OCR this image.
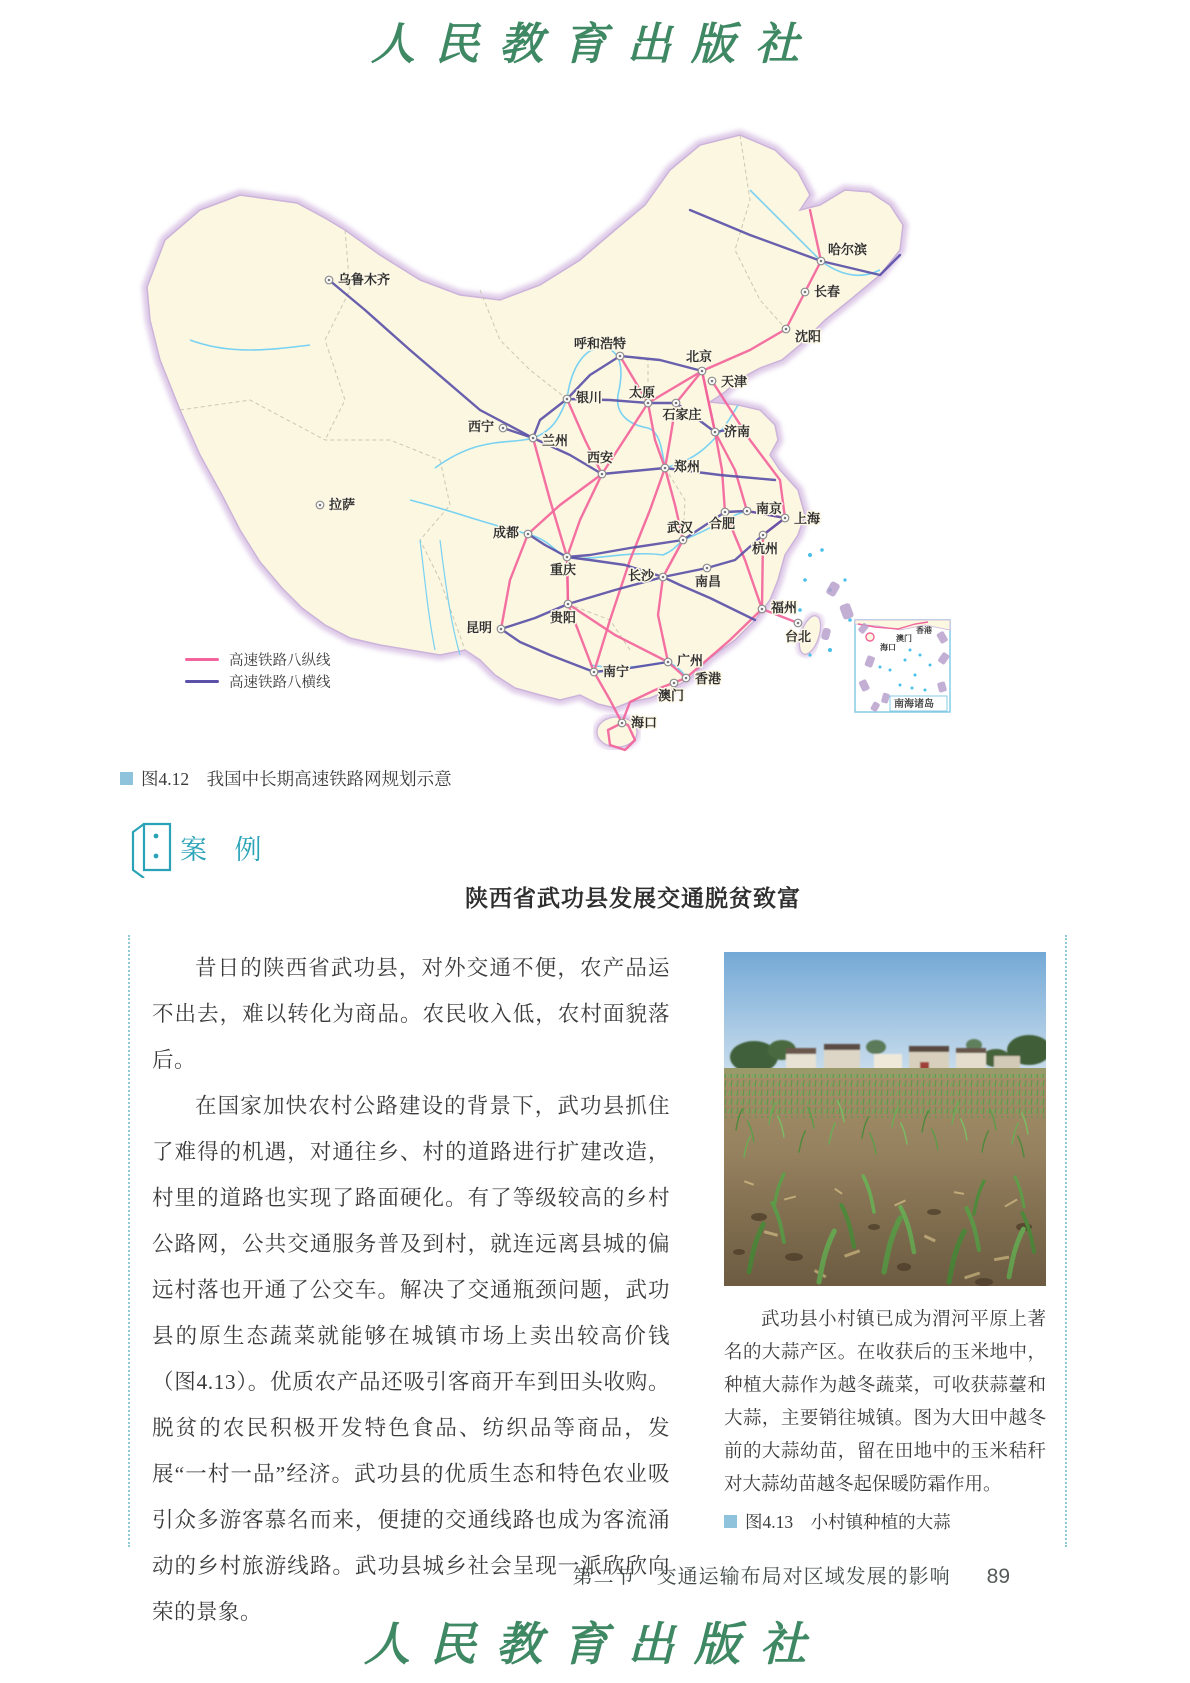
人民教育出版社
香港
澳门
海口
南海诸岛
乌鲁木齐
拉萨
西宁
兰州
银川
呼和浩特
太原
北京
天津
石家庄
济南
沈阳
长春
哈尔滨
西安
郑州
成都
重庆
武汉 合肥
南京
上海
杭州
长沙	南昌
贵阳
昆明
福州
台北
广州
香港
澳门
南宁
海口
高速铁路八纵线
高速铁路八横线
图4.12　我国中长期高速铁路网规划示意
案 例
陕西省武功县发展交通脱贫致富

昔日的陕西省武功县，对外交通不便，农产品运不出去，难以转化为商品。农民收入低，农村面貌落后。

在国家加快农村公路建设的背景下，武功县抓住了难得的机遇，对通往乡、村的道路进行扩建改造，村里的道路也实现了路面硬化。有了等级较高的乡村公路网，公共交通服务普及到村，就连远离县城的偏远村落也开通了公交车。解决了交通瓶颈问题，武功县的原生态蔬菜就能够在城镇市场上卖出较高价钱（图4.13）。优质农产品还吸引客商开车到田头收购。脱贫的农民积极开发特色食品、纺织品等商品，发展“一村一品”经济。武功县的优质生态和特色农业吸引众多游客慕名而来，便捷的交通线路也成为客流涌动的乡村旅游线路。武功县城乡社会呈现一派欣欣向荣的景象。

武功县小村镇已成为渭河平原上著名的大蒜产区。在收获后的玉米地中，种植大蒜作为越冬蔬菜，可收获蒜薹和大蒜，主要销往城镇。图为大田中越冬前的大蒜幼苗，留在田地中的玉米秸秆对大蒜幼苗越冬起保暖防霜作用。

图4.13　小村镇种植的大蒜
第二节　交通运输布局对区域发展的影响 89
人民教育出版社
